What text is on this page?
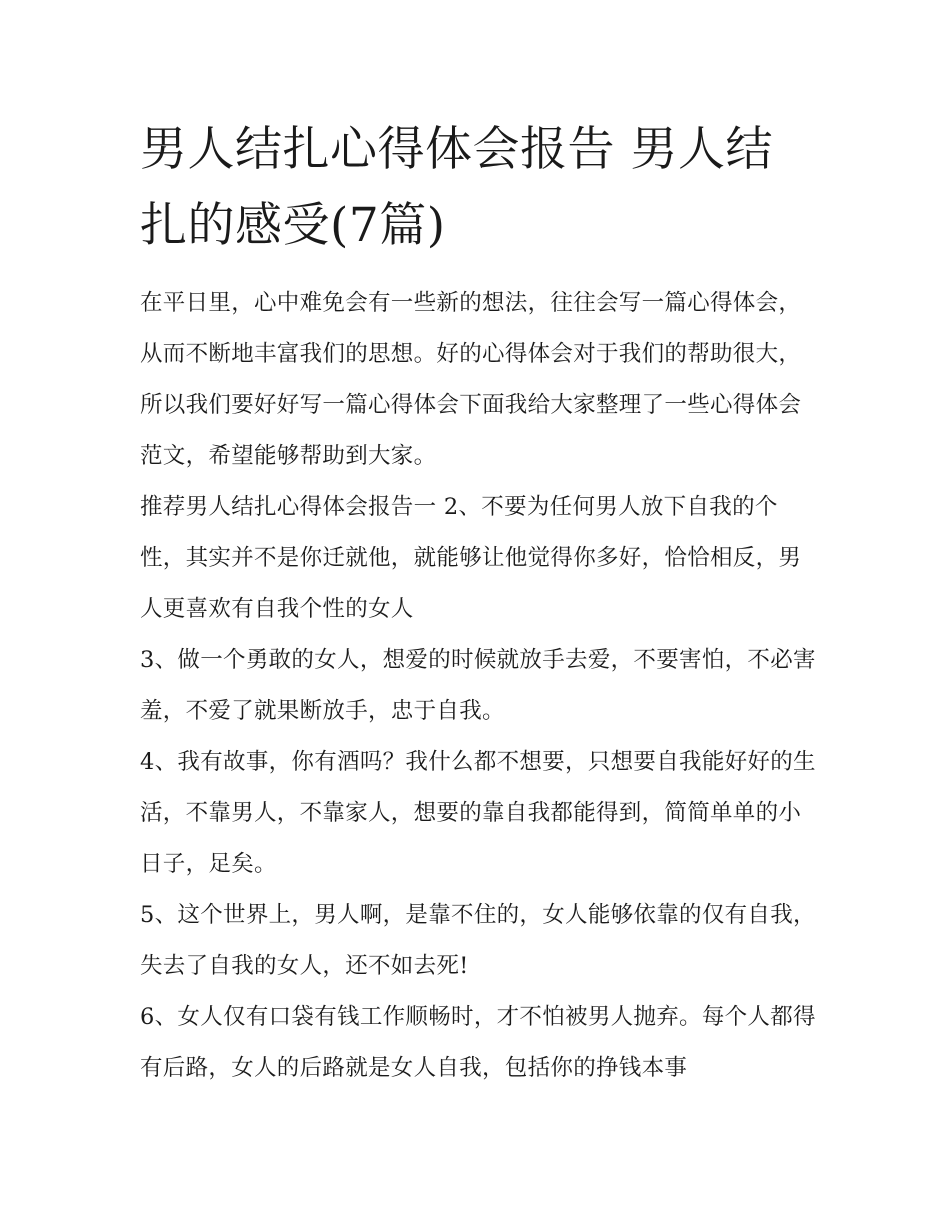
男人结扎心得体会报告 男人结扎的感受(7篇)

在平日里，心中难免会有一些新的想法，往往会写一篇心得体会，从而不断地丰富我们的思想。好的心得体会对于我们的帮助很大，所以我们要好好写一篇心得体会下面我给大家整理了一些心得体会范文，希望能够帮助到大家。

推荐男人结扎心得体会报告一 2、不要为任何男人放下自我的个性，其实并不是你迁就他，就能够让他觉得你多好，恰恰相反，男人更喜欢有自我个性的女人

3、做一个勇敢的女人，想爱的时候就放手去爱，不要害怕，不必害羞，不爱了就果断放手，忠于自我。

4、我有故事，你有酒吗？我什么都不想要，只想要自我能好好的生活，不靠男人，不靠家人，想要的靠自我都能得到，简简单单的小日子，足矣。

5、这个世界上，男人啊，是靠不住的，女人能够依靠的仅有自我，失去了自我的女人，还不如去死!

6、女人仅有口袋有钱工作顺畅时，才不怕被男人抛弃。每个人都得有后路，女人的后路就是女人自我，包括你的挣钱本事
